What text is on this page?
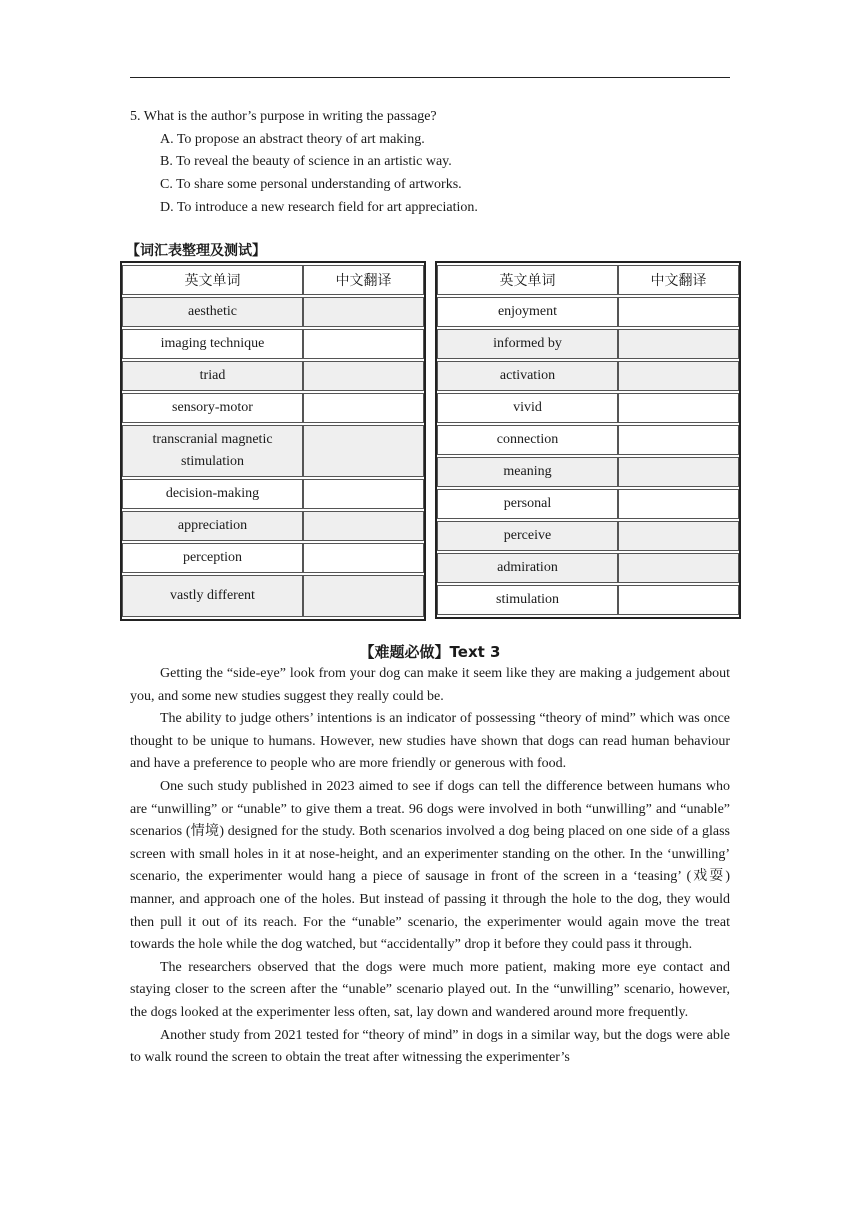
5. What is the author’s purpose in writing the passage?
A. To propose an abstract theory of art making.
B. To reveal the beauty of science in an artistic way.
C. To share some personal understanding of artworks.
D. To introduce a new research field for art appreciation.
【词汇表整理及测试】
英文单词	中文翻译
aesthetic	
imaging technique	
triad	
sensory-motor	
transcranial magnetic stimulation	
decision-making	
appreciation	
perception	
vastly different	
英文单词	中文翻译
enjoyment	
informed by	
activation	
vivid	
connection	
meaning	
personal	
perceive	
admiration	
stimulation	
【难题必做】Text 3

Getting the “side-eye” look from your dog can make it seem like they are making a judgement about you, and some new studies suggest they really could be.

The ability to judge others’ intentions is an indicator of possessing “theory of mind” which was once thought to be unique to humans. However, new studies have shown that dogs can read human behaviour and have a preference to people who are more friendly or generous with food.

One such study published in 2023 aimed to see if dogs can tell the difference between humans who are “unwilling” or “unable” to give them a treat. 96 dogs were involved in both “unwilling” and “unable” scenarios (情境) designed for the study. Both scenarios involved a dog being placed on one side of a glass screen with small holes in it at nose-height, and an experimenter standing on the other. In the ‘unwilling’ scenario, the experimenter would hang a piece of sausage in front of the screen in a ‘teasing’ (戏耍) manner, and approach one of the holes. But instead of passing it through the hole to the dog, they would then pull it out of its reach. For the “unable” scenario, the experimenter would again move the treat towards the hole while the dog watched, but “accidentally” drop it before they could pass it through.

The researchers observed that the dogs were much more patient, making more eye contact and staying closer to the screen after the “unable” scenario played out. In the “unwilling” scenario, however, the dogs looked at the experimenter less often, sat, lay down and wandered around more frequently.

Another study from 2021 tested for “theory of mind” in dogs in a similar way, but the dogs were able to walk round the screen to obtain the treat after witnessing the experimenter’s
